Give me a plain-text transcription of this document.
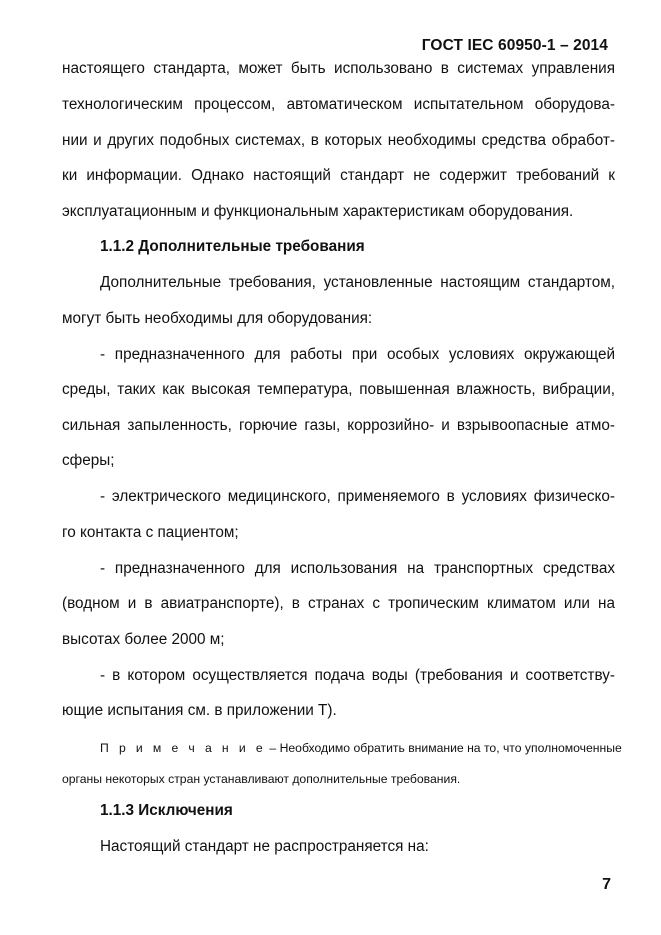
ГОСТ IEC 60950-1 – 2014
настоящего стандарта, может быть использовано в системах управления
технологическим процессом, автоматическом испытательном оборудова-
нии и других подобных системах, в которых необходимы средства обработ-
ки информации. Однако настоящий стандарт не содержит требований к
эксплуатационным и функциональным характеристикам оборудования.
1.1.2 Дополнительные требования
Дополнительные требования, установленные настоящим стандартом,
могут быть необходимы для оборудования:
- предназначенного для работы при особых условиях окружающей
среды, таких как высокая температура, повышенная влажность, вибрации,
сильная запыленность, горючие газы, коррозийно- и взрывоопасные атмо-
сферы;
- электрического медицинского, применяемого в условиях физическо-
го контакта с пациентом;
- предназначенного для использования на транспортных средствах
(водном и в авиатранспорте), в странах с тропическим климатом или на
высотах более 2000 м;
- в котором осуществляется подача воды (требования и соответству-
ющие испытания см. в приложении Т).
П р и м е ч а н и е – Необходимо обратить внимание на то, что уполномоченные
органы некоторых стран устанавливают дополнительные требования.
1.1.3 Исключения
Настоящий стандарт не распространяется на:
7
